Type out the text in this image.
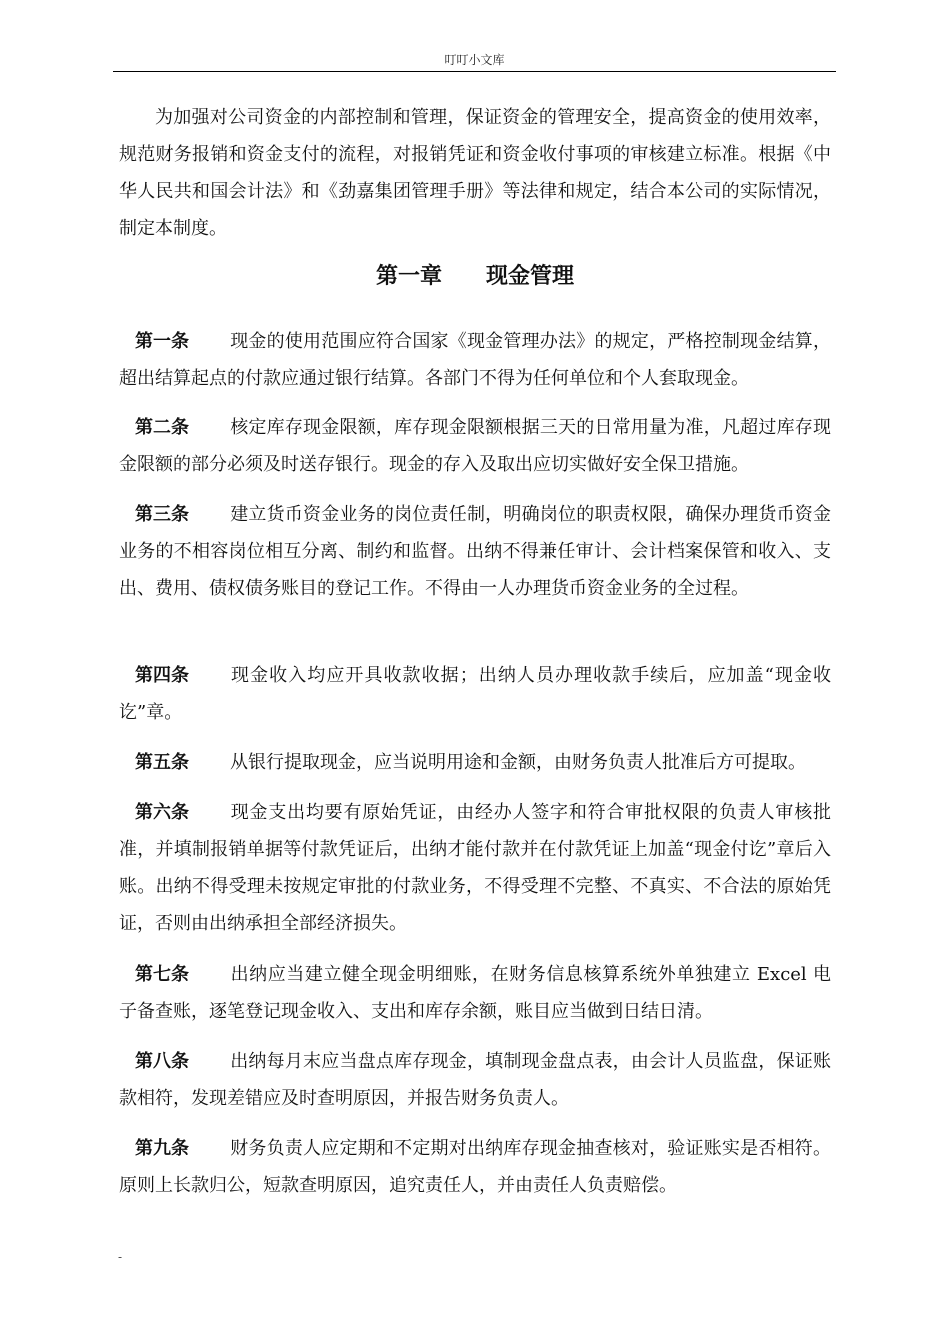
叮叮小文库
为加强对公司资金的内部控制和管理，保证资金的管理安全，提高资金的使用效率，规范财务报销和资金支付的流程，对报销凭证和资金收付事项的审核建立标准。根据《中华人民共和国会计法》和《劲嘉集团管理手册》等法律和规定，结合本公司的实际情况，制定本制度。
第一章　　现金管理
第一条 现金的使用范围应符合国家《现金管理办法》的规定，严格控制现金结算，超出结算起点的付款应通过银行结算。各部门不得为任何单位和个人套取现金。
第二条 核定库存现金限额，库存现金限额根据三天的日常用量为准，凡超过库存现金限额的部分必须及时送存银行。现金的存入及取出应切实做好安全保卫措施。
第三条 建立货币资金业务的岗位责任制，明确岗位的职责权限，确保办理货币资金业务的不相容岗位相互分离、制约和监督。出纳不得兼任审计、会计档案保管和收入、支出、费用、债权债务账目的登记工作。不得由一人办理货币资金业务的全过程。
第四条 现金收入均应开具收款收据；出纳人员办理收款手续后，应加盖“现金收讫”章。
第五条 从银行提取现金，应当说明用途和金额，由财务负责人批准后方可提取。
第六条 现金支出均要有原始凭证，由经办人签字和符合审批权限的负责人审核批准，并填制报销单据等付款凭证后，出纳才能付款并在付款凭证上加盖“现金付讫”章后入账。出纳不得受理未按规定审批的付款业务，不得受理不完整、不真实、不合法的原始凭证，否则由出纳承担全部经济损失。
第七条 出纳应当建立健全现金明细账，在财务信息核算系统外单独建立 Excel 电子备查账，逐笔登记现金收入、支出和库存余额，账目应当做到日结日清。
第八条 出纳每月末应当盘点库存现金，填制现金盘点表，由会计人员监盘，保证账款相符，发现差错应及时查明原因，并报告财务负责人。
第九条 财务负责人应定期和不定期对出纳库存现金抽查核对，验证账实是否相符。原则上长款归公，短款查明原因，追究责任人，并由责任人负责赔偿。
-
